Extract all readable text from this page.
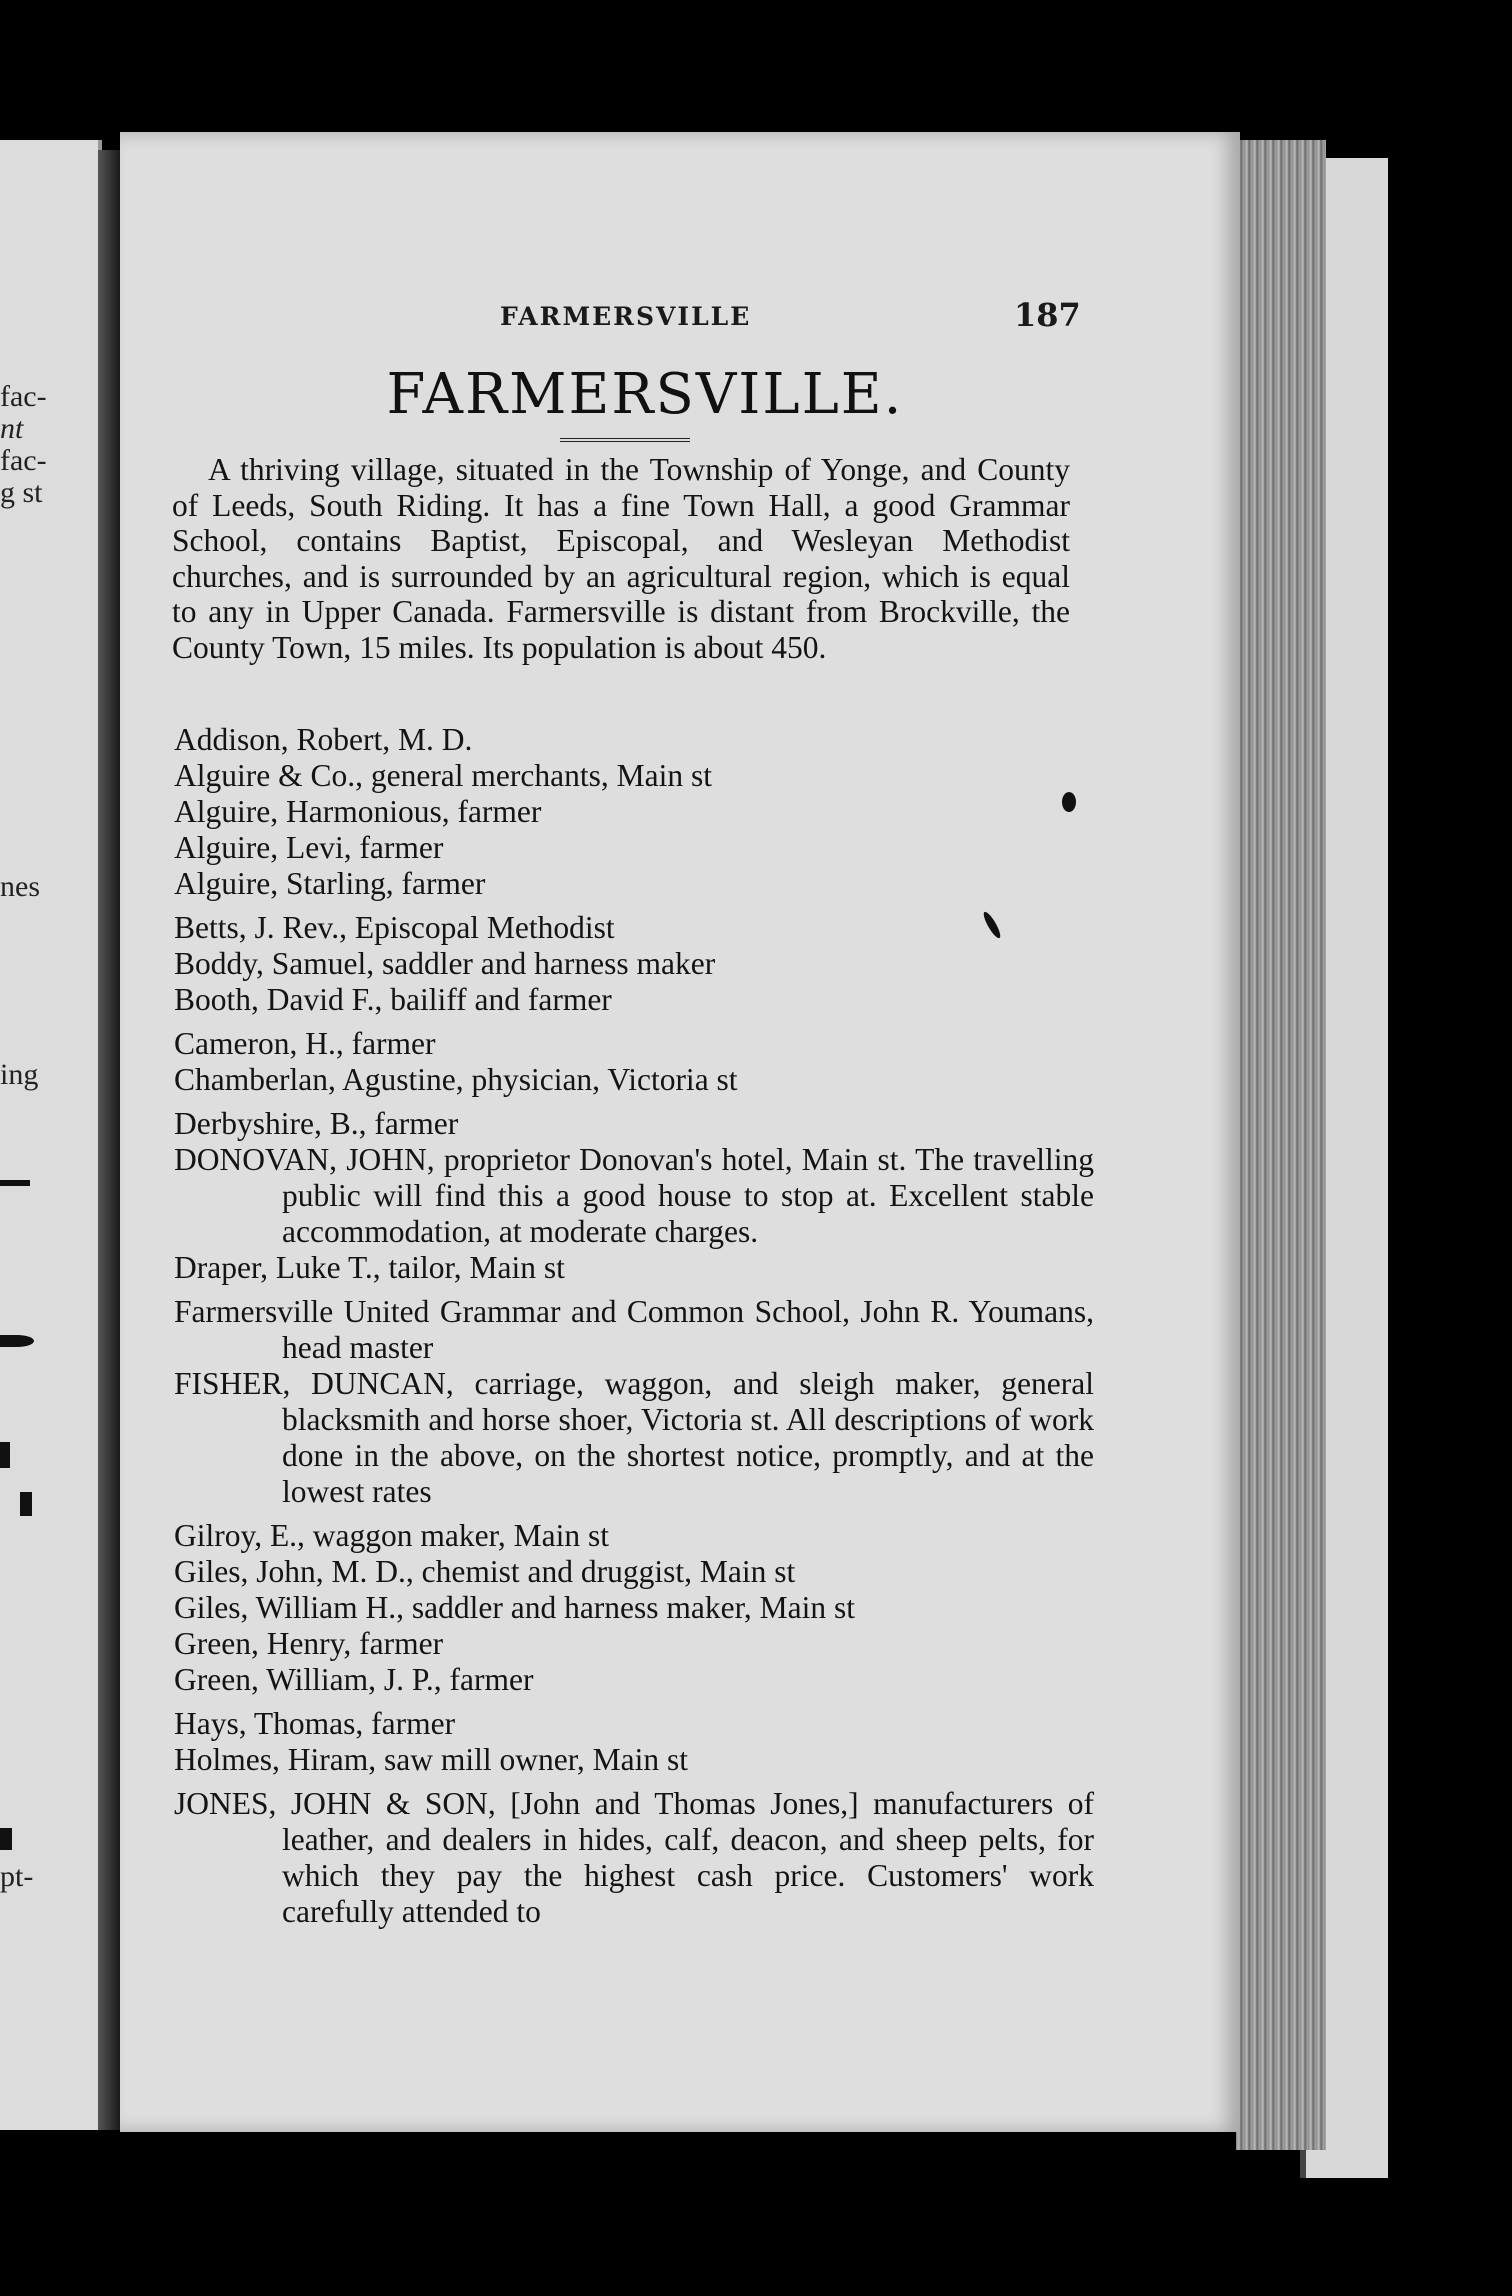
fac-
nt
fac-
g st
nes
ing
pt-
FARMERSVILLE	187
FARMERSVILLE.
A thriving village, situated in the Township of Yonge, and County of Leeds, South Riding. It has a fine Town Hall, a good Grammar School, contains Baptist, Episcopal, and Wesleyan Methodist churches, and is surrounded by an agricultural region, which is equal to any in Upper Canada. Farmersville is distant from Brockville, the County Town, 15 miles. Its population is about 450.
Addison, Robert, M. D.
Alguire & Co., general merchants, Main st
Alguire, Harmonious, farmer
Alguire, Levi, farmer
Alguire, Starling, farmer
Betts, J. Rev., Episcopal Methodist
Boddy, Samuel, saddler and harness maker
Booth, David F., bailiff and farmer
Cameron, H., farmer
Chamberlan, Agustine, physician, Victoria st
Derbyshire, B., farmer
DONOVAN, JOHN, proprietor Donovan's hotel, Main st. The travelling public will find this a good house to stop at. Excellent stable accommodation, at moderate charges.
Draper, Luke T., tailor, Main st
Farmersville United Grammar and Common School, John R. Youmans, head master
FISHER, DUNCAN, carriage, waggon, and sleigh maker, general blacksmith and horse shoer, Victoria st. All descriptions of work done in the above, on the shortest notice, promptly, and at the lowest rates
Gilroy, E., waggon maker, Main st
Giles, John, M. D., chemist and druggist, Main st
Giles, William H., saddler and harness maker, Main st
Green, Henry, farmer
Green, William, J. P., farmer
Hays, Thomas, farmer
Holmes, Hiram, saw mill owner, Main st
JONES, JOHN & SON, [John and Thomas Jones,] manufacturers of leather, and dealers in hides, calf, deacon, and sheep pelts, for which they pay the highest cash price. Customers' work carefully attended to
